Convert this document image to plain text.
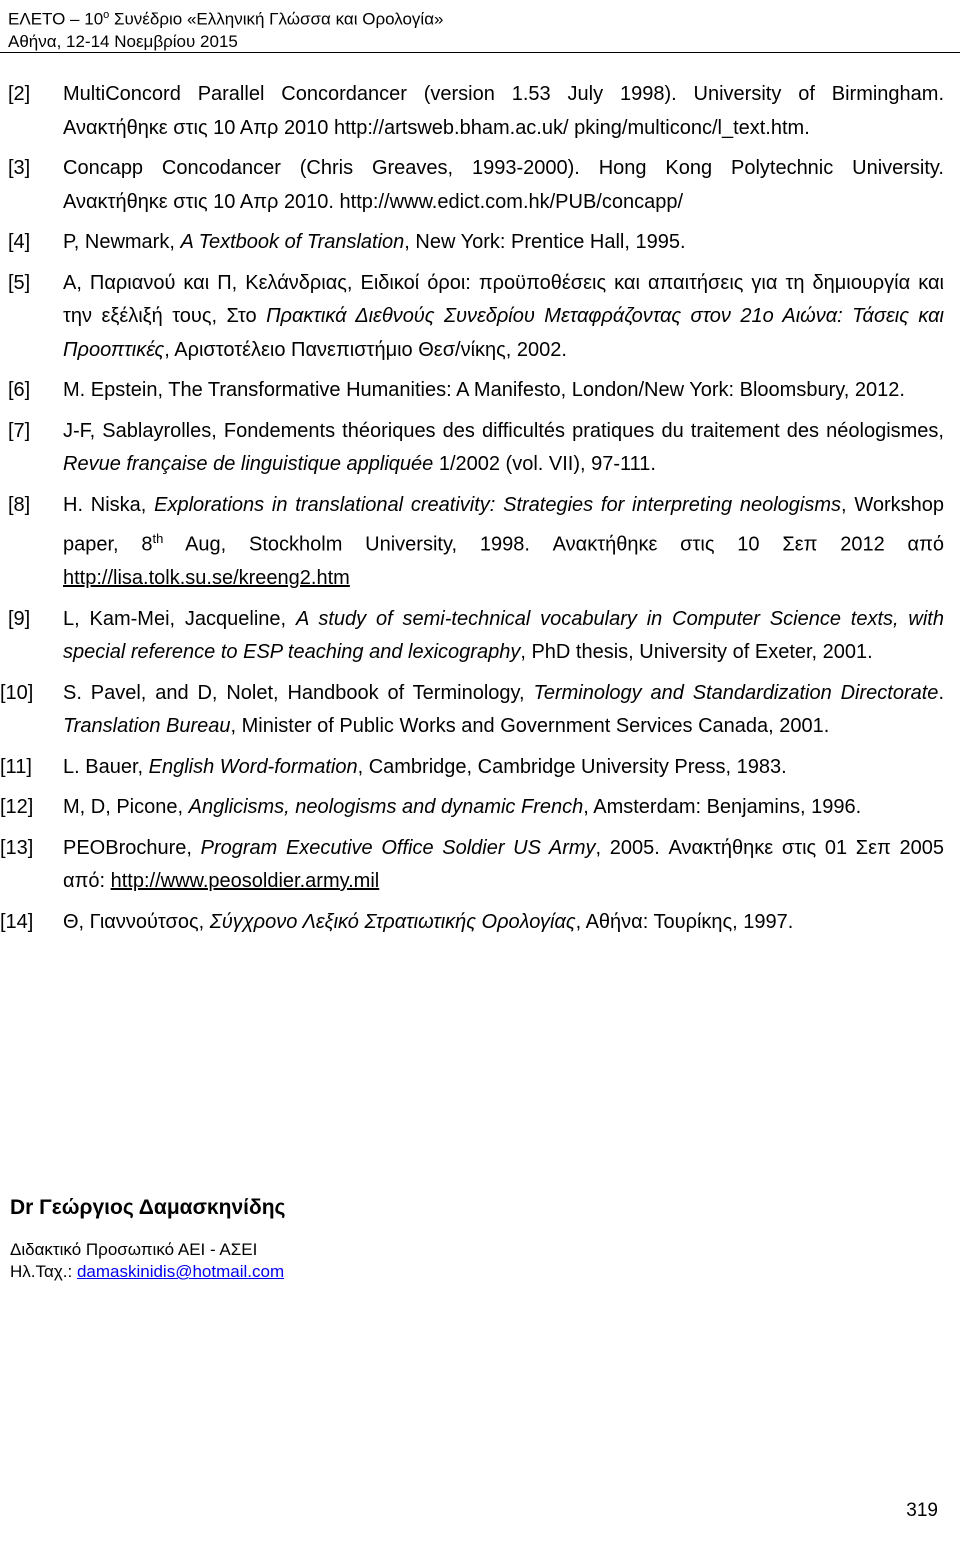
ΕΛΕΤΟ – $10^o$ Συνέδριο «Ελληνική Γλώσσα και Ορολογία»
Αθήνα, 12-14 Νοεμβρίου 2015
[2]	MultiConcord Parallel Concordancer (version 1.53 July 1998). University of Birmingham. Ανακτήθηκε στις 10 Απρ 2010 http://artsweb.bham.ac.uk/ pking/multiconc/l_text.htm.
[3]	Concapp Concodancer (Chris Greaves, 1993-2000). Hong Kong Polytechnic University. Ανακτήθηκε στις 10 Απρ 2010. http://www.edict.com.hk/PUB/concapp/
[4]	P, Newmark, A Textbook of Translation, New York: Prentice Hall, 1995.
[5]	Α, Παριανού και Π, Κελάνδριας, Ειδικοί όροι: προϋποθέσεις και απαιτήσεις για τη δημιουργία και την εξέλιξή τους, Στο Πρακτικά Διεθνούς Συνεδρίου Μεταφράζοντας στον 21ο Αιώνα: Τάσεις και Προοπτικές, Αριστοτέλειο Πανεπιστήμιο Θεσ/νίκης, 2002.
[6]	M. Epstein, The Transformative Humanities: A Manifesto, London/New York: Bloomsbury, 2012.
[7]	J-F, Sablayrolles, Fondements théoriques des difficultés pratiques du traitement des néologismes, Revue française de linguistique appliquée 1/2002 (vol. VII), 97-111.
[8]	H. Niska, Explorations in translational creativity: Strategies for interpreting neologisms, Workshop paper, 8th Aug, Stockholm University, 1998. Ανακτήθηκε στις 10 Σεπ 2012 από http://lisa.tolk.su.se/kreeng2.htm
[9]	L, Kam-Mei, Jacqueline, A study of semi-technical vocabulary in Computer Science texts, with special reference to ESP teaching and lexicography, PhD thesis, University of Exeter, 2001.
[10]	S. Pavel, and D, Nolet, Handbook of Terminology, Terminology and Standardization Directorate. Translation Bureau, Minister of Public Works and Government Services Canada, 2001.
[11]	L. Bauer, English Word-formation, Cambridge, Cambridge University Press, 1983.
[12]	M, D, Picone, Anglicisms, neologisms and dynamic French, Amsterdam: Benjamins, 1996.
[13]	PEOBrochure, Program Executive Office Soldier US Army, 2005. Ανακτήθηκε στις 01 Σεπ 2005 από: http://www.peosoldier.army.mil
[14]	Θ, Γιαννούτσος, Σύγχρονο Λεξικό Στρατιωτικής Ορολογίας, Αθήνα: Τουρίκης, 1997.
Dr Γεώργιος Δαμασκηνίδης
Διδακτικό Προσωπικό ΑΕΙ - ΑΣΕΙ
Ηλ.Ταχ.: damaskinidis@hotmail.com
319
